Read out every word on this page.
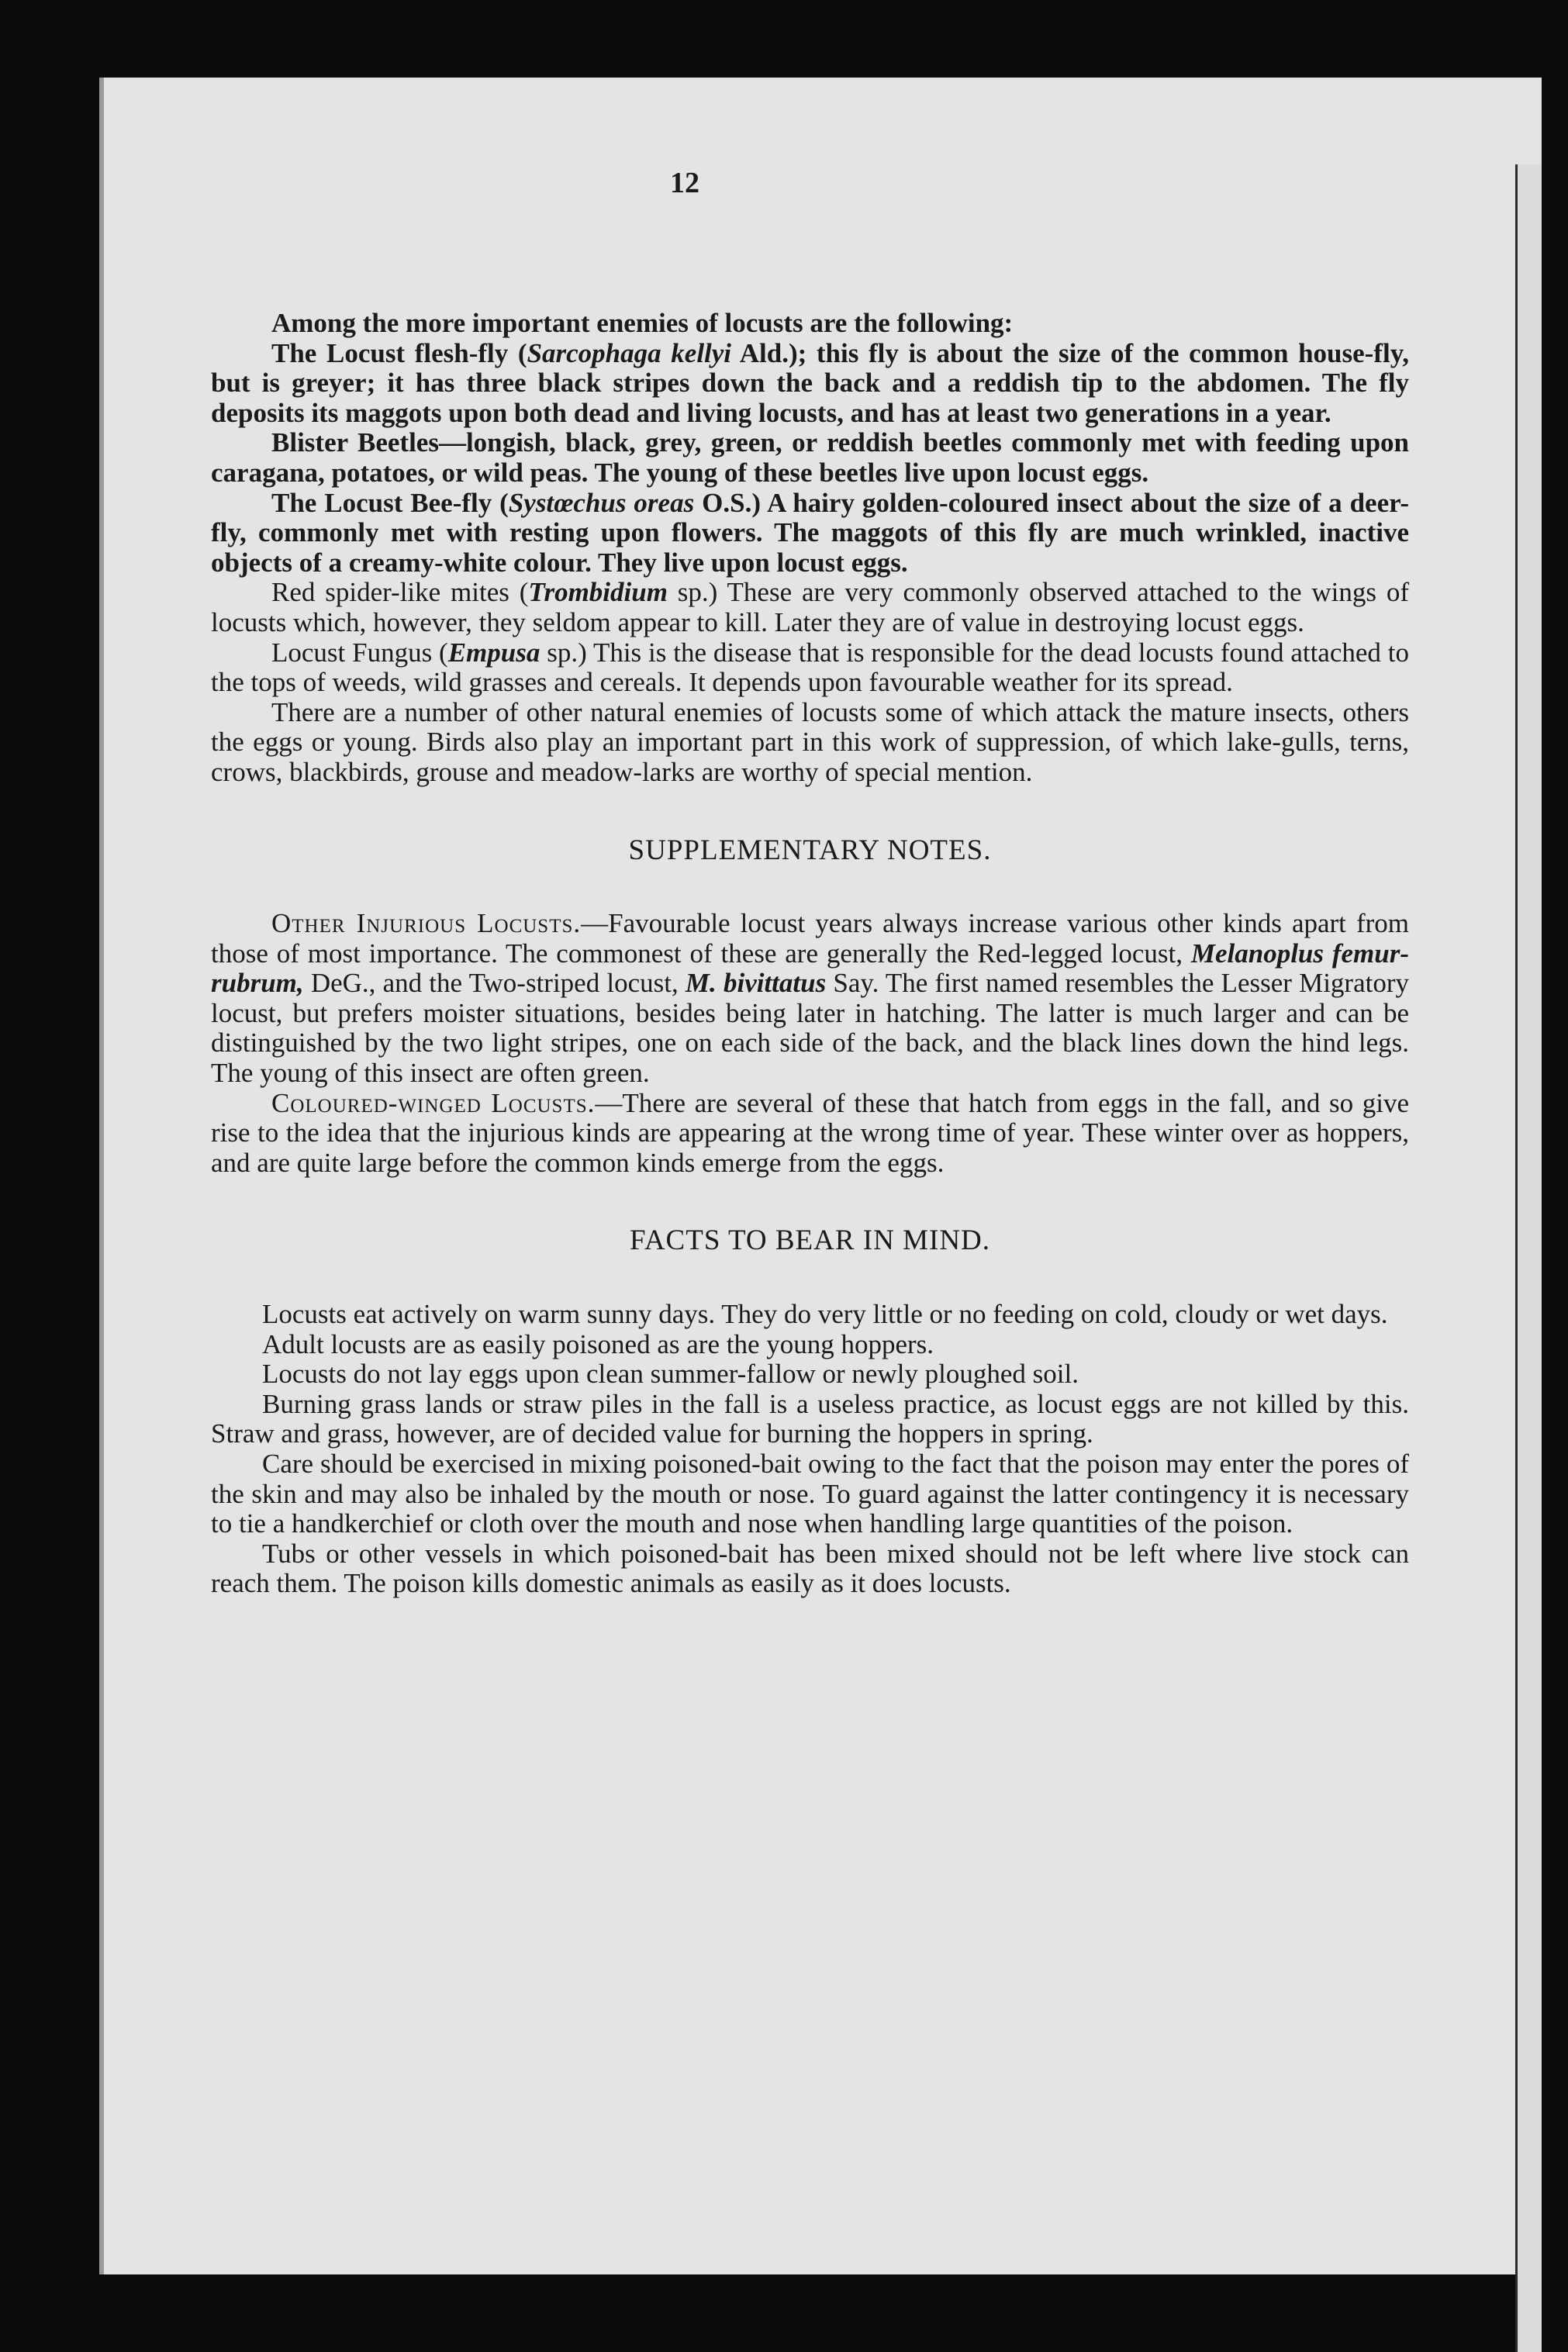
12

Among the more important enemies of locusts are the following:

The Locust flesh-fly (Sarcophaga kellyi Ald.); this fly is about the size of the common house-fly, but is greyer; it has three black stripes down the back and a reddish tip to the abdomen. The fly deposits its maggots upon both dead and living locusts, and has at least two generations in a year.

Blister Beetles—longish, black, grey, green, or reddish beetles commonly met with feeding upon caragana, potatoes, or wild peas. The young of these beetles live upon locust eggs.

The Locust Bee-fly (Systœchus oreas O.S.) A hairy golden-coloured insect about the size of a deer-fly, commonly met with resting upon flowers. The maggots of this fly are much wrinkled, inactive objects of a creamy-white colour. They live upon locust eggs.

Red spider-like mites (Trombidium sp.) These are very commonly observed attached to the wings of locusts which, however, they seldom appear to kill. Later they are of value in destroying locust eggs.

Locust Fungus (Empusa sp.) This is the disease that is responsible for the dead locusts found attached to the tops of weeds, wild grasses and cereals. It depends upon favourable weather for its spread.

There are a number of other natural enemies of locusts some of which attack the mature insects, others the eggs or young. Birds also play an important part in this work of suppression, of which lake-gulls, terns, crows, blackbirds, grouse and meadow-larks are worthy of special mention.

SUPPLEMENTARY NOTES.

Other Injurious Locusts.—Favourable locust years always increase various other kinds apart from those of most importance. The commonest of these are generally the Red-legged locust, Melanoplus femur-rubrum, DeG., and the Two-striped locust, M. bivittatus Say. The first named resembles the Lesser Migratory locust, but prefers moister situations, besides being later in hatching. The latter is much larger and can be distinguished by the two light stripes, one on each side of the back, and the black lines down the hind legs. The young of this insect are often green.

Coloured-winged Locusts.—There are several of these that hatch from eggs in the fall, and so give rise to the idea that the injurious kinds are appearing at the wrong time of year. These winter over as hoppers, and are quite large before the common kinds emerge from the eggs.

FACTS TO BEAR IN MIND.

Locusts eat actively on warm sunny days. They do very little or no feeding on cold, cloudy or wet days.

Adult locusts are as easily poisoned as are the young hoppers.

Locusts do not lay eggs upon clean summer-fallow or newly ploughed soil.

Burning grass lands or straw piles in the fall is a useless practice, as locust eggs are not killed by this. Straw and grass, however, are of decided value for burning the hoppers in spring.

Care should be exercised in mixing poisoned-bait owing to the fact that the poison may enter the pores of the skin and may also be inhaled by the mouth or nose. To guard against the latter contingency it is necessary to tie a handkerchief or cloth over the mouth and nose when handling large quantities of the poison.

Tubs or other vessels in which poisoned-bait has been mixed should not be left where live stock can reach them. The poison kills domestic animals as easily as it does locusts.
